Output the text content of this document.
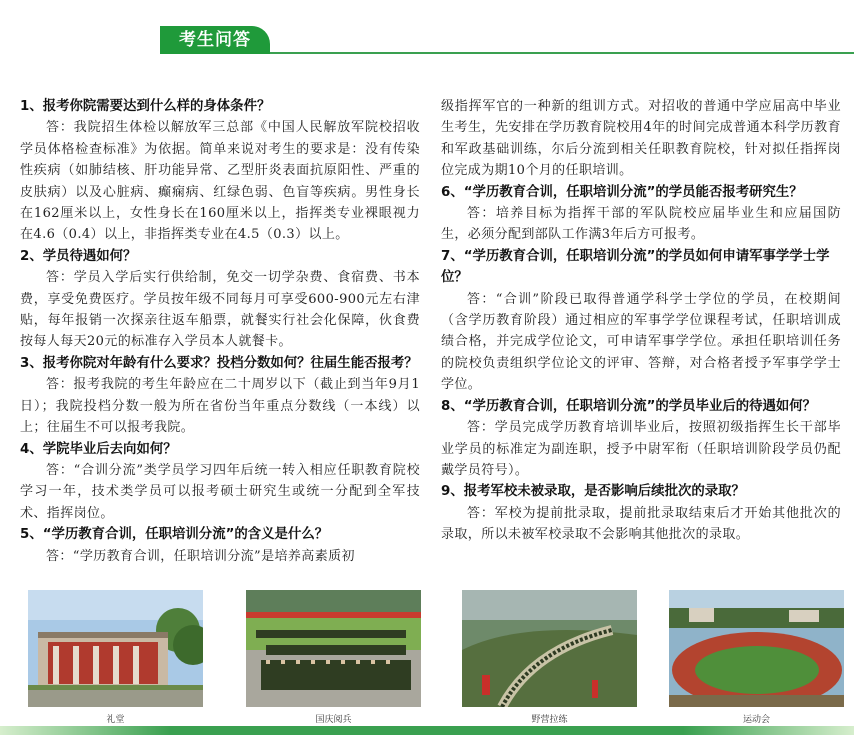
考生问答
1、报考你院需要达到什么样的身体条件？
答：我院招生体检以解放军三总部《中国人民解放军院校招收学员体格检查标准》为依据。简单来说对考生的要求是：没有传染性疾病（如肺结核、肝功能异常、乙型肝炎表面抗原阳性、严重的皮肤病）以及心脏病、癫痫病、红绿色弱、色盲等疾病。男性身长在162厘米以上，女性身长在160厘米以上，指挥类专业裸眼视力在4.6（0.4）以上，非指挥类专业在4.5（0.3）以上。
2、学员待遇如何？
答：学员入学后实行供给制，免交一切学杂费、食宿费、书本费，享受免费医疗。学员按年级不同每月可享受600-900元左右津贴，每年报销一次探亲往返车船票，就餐实行社会化保障，伙食费按每人每天20元的标准存入学员本人就餐卡。
3、报考你院对年龄有什么要求？投档分数如何？往届生能否报考？
答：报考我院的考生年龄应在二十周岁以下（截止到当年9月1日）；我院投档分数一般为所在省份当年重点分数线（一本线）以上；往届生不可以报考我院。
4、学院毕业后去向如何？
答：“合训分流”类学员学习四年后统一转入相应任职教育院校学习一年，技术类学员可以报考硕士研究生或统一分配到全军技术、指挥岗位。
5、“学历教育合训，任职培训分流”的含义是什么？
答：“学历教育合训，任职培训分流”是培养高素质初
级指挥军官的一种新的组训方式。对招收的普通中学应届高中毕业生考生，先安排在学历教育院校用4年的时间完成普通本科学历教育和军政基础训练，尔后分流到相关任职教育院校，针对拟任指挥岗位完成为期10个月的任职培训。
6、“学历教育合训，任职培训分流”的学员能否报考研究生？
答：培养目标为指挥干部的军队院校应届毕业生和应届国防生，必须分配到部队工作满3年后方可报考。
7、“学历教育合训，任职培训分流”的学员如何申请军事学学士学位？
答：“合训”阶段已取得普通学科学士学位的学员，在校期间（含学历教育阶段）通过相应的军事学学位课程考试，任职培训成绩合格，并完成学位论文，可申请军事学学位。承担任职培训任务的院校负责组织学位论文的评审、答辩，对合格者授予军事学学士学位。
8、“学历教育合训，任职培训分流”的学员毕业后的待遇如何？
答：学员完成学历教育培训毕业后，按照初级指挥生长干部毕业学员的标准定为副连职，授予中尉军衔（任职培训阶段学员仍配戴学员符号）。
9、报考军校未被录取，是否影响后续批次的录取？
答：军校为提前批录取，提前批录取结束后才开始其他批次的录取，所以未被军校录取不会影响其他批次的录取。
礼堂	国庆阅兵	野营拉练	运动会
